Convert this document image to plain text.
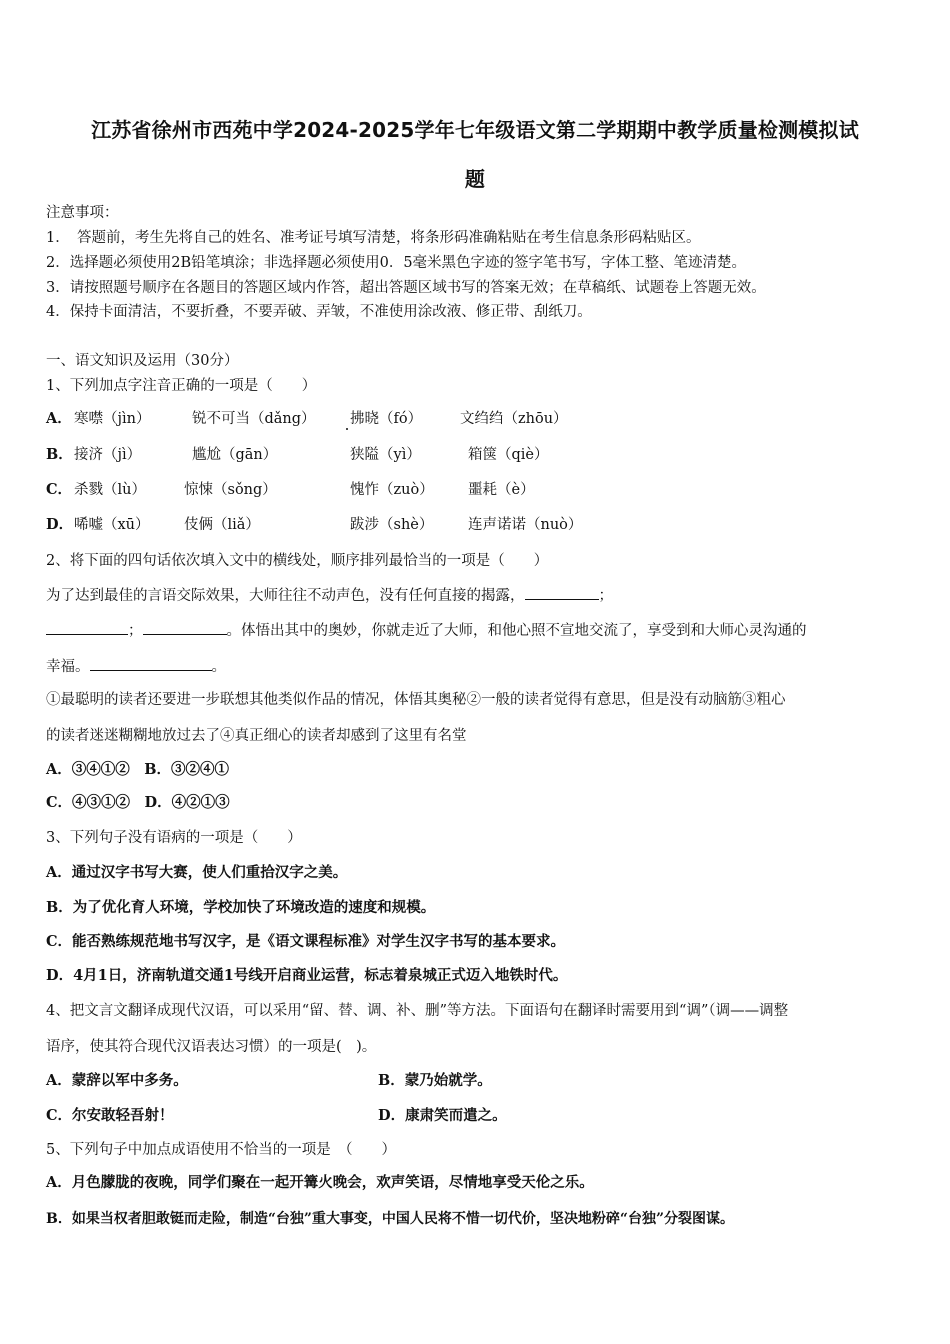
江苏省徐州市西苑中学2024-2025学年七年级语文第二学期期中教学质量检测模拟试
题
注意事项：
1．　答题前，考生先将自己的姓名、准考证号填写清楚，将条形码准确粘贴在考生信息条形码粘贴区。
2．选择题必须使用2B铅笔填涂；非选择题必须使用0．5毫米黑色字迹的签字笔书写，字体工整、笔迹清楚。
3．请按照题号顺序在各题目的答题区域内作答，超出答题区域书写的答案无效；在草稿纸、试题卷上答题无效。
4．保持卡面清洁，不要折叠，不要弄破、弄皱，不准使用涂改液、修正带、刮纸刀。
一、语文知识及运用（30分）
1、下列加点字注音正确的一项是（　　）
A． 寒噤（jìn）	锐不可当（dǎng） 拂晓（fó）	文绉绉（zhōu）
B． 接济（jì）	尴尬（gān）	狭隘（yì）	箱箧（qiè）
C． 杀戮（lù）	惊悚（sǒng）	愧怍（zuò） 噩耗（è）
D． 唏嘘（xū） 伎俩（liǎ）	跋涉（shè） 连声诺诺（nuò）
2、将下面的四句话依次填入文中的横线处，顺序排列最恰当的一项是（　　）
为了达到最佳的言语交际效果，大师往往不动声色，没有任何直接的揭露，	；
；	。体悟出其中的奥妙，你就走近了大师，和他心照不宣地交流了，享受到和大师心灵沟通的
幸福。	。
①最聪明的读者还要进一步联想其他类似作品的情况，体悟其奥秘②一般的读者觉得有意思，但是没有动脑筋③粗心
的读者迷迷糊糊地放过去了④真正细心的读者却感到了这里有名堂
A．③④①②　B．③②④①
C．④③①②　D．④②①③
3、下列句子没有语病的一项是（　　）
A．通过汉字书写大赛，使人们重拾汉字之美。
B．为了优化育人环境，学校加快了环境改造的速度和规模。
C．能否熟练规范地书写汉字，是《语文课程标准》对学生汉字书写的基本要求。
D．4月1日，济南轨道交通1号线开启商业运营，标志着泉城正式迈入地铁时代。
4、把文言文翻译成现代汉语，可以采用“留、替、调、补、删”等方法。下面语句在翻译时需要用到“调”（调——调整
语序，使其符合现代汉语表达习惯）的一项是(　)。
A．蒙辞以军中多务。	B．蒙乃始就学。
C．尔安敢轻吾射！	D．康肃笑而遣之。
5、下列句子中加点成语使用不恰当的一项是　（　　）
A．月色朦胧的夜晚，同学们聚在一起开篝火晚会，欢声笑语，尽情地享受天伦之乐。
B．如果当权者胆敢铤而走险，制造“台独”重大事变，中国人民将不惜一切代价，坚决地粉碎“台独”分裂图谋。
